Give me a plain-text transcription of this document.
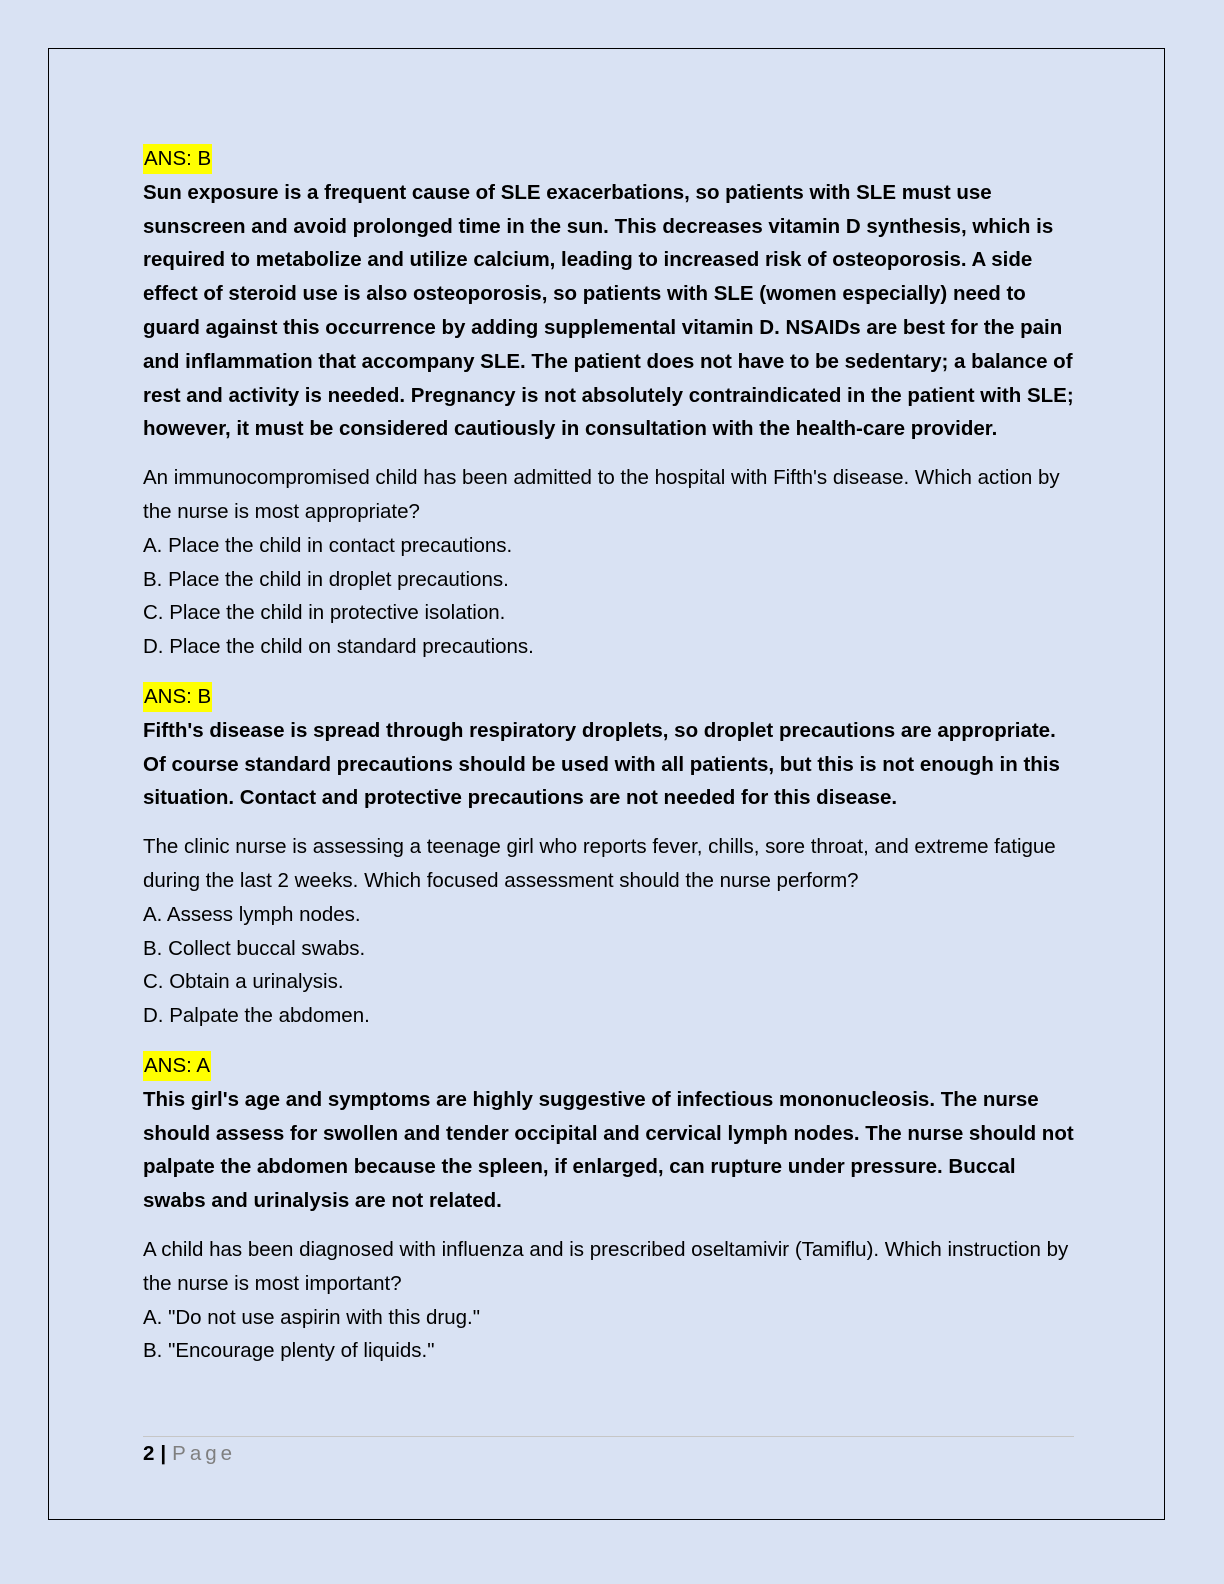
ANS: B

Sun exposure is a frequent cause of SLE exacerbations, so patients with SLE must use sunscreen and avoid prolonged time in the sun. This decreases vitamin D synthesis, which is required to metabolize and utilize calcium, leading to increased risk of osteoporosis. A side effect of steroid use is also osteoporosis, so patients with SLE (women especially) need to guard against this occurrence by adding supplemental vitamin D. NSAIDs are best for the pain and inflammation that accompany SLE. The patient does not have to be sedentary; a balance of rest and activity is needed. Pregnancy is not absolutely contraindicated in the patient with SLE; however, it must be considered cautiously in consultation with the health-care provider.

An immunocompromised child has been admitted to the hospital with Fifth's disease. Which action by the nurse is most appropriate?

A. Place the child in contact precautions.

B. Place the child in droplet precautions.

C. Place the child in protective isolation.

D. Place the child on standard precautions.

ANS: B

Fifth's disease is spread through respiratory droplets, so droplet precautions are appropriate. Of course standard precautions should be used with all patients, but this is not enough in this situation. Contact and protective precautions are not needed for this disease.

The clinic nurse is assessing a teenage girl who reports fever, chills, sore throat, and extreme fatigue during the last 2 weeks. Which focused assessment should the nurse perform?

A. Assess lymph nodes.

B. Collect buccal swabs.

C. Obtain a urinalysis.

D. Palpate the abdomen.

ANS: A

This girl's age and symptoms are highly suggestive of infectious mononucleosis. The nurse should assess for swollen and tender occipital and cervical lymph nodes. The nurse should not palpate the abdomen because the spleen, if enlarged, can rupture under pressure. Buccal swabs and urinalysis are not related.

A child has been diagnosed with influenza and is prescribed oseltamivir (Tamiflu). Which instruction by the nurse is most important?

A. "Do not use aspirin with this drug."

B. "Encourage plenty of liquids."

2 | Page
